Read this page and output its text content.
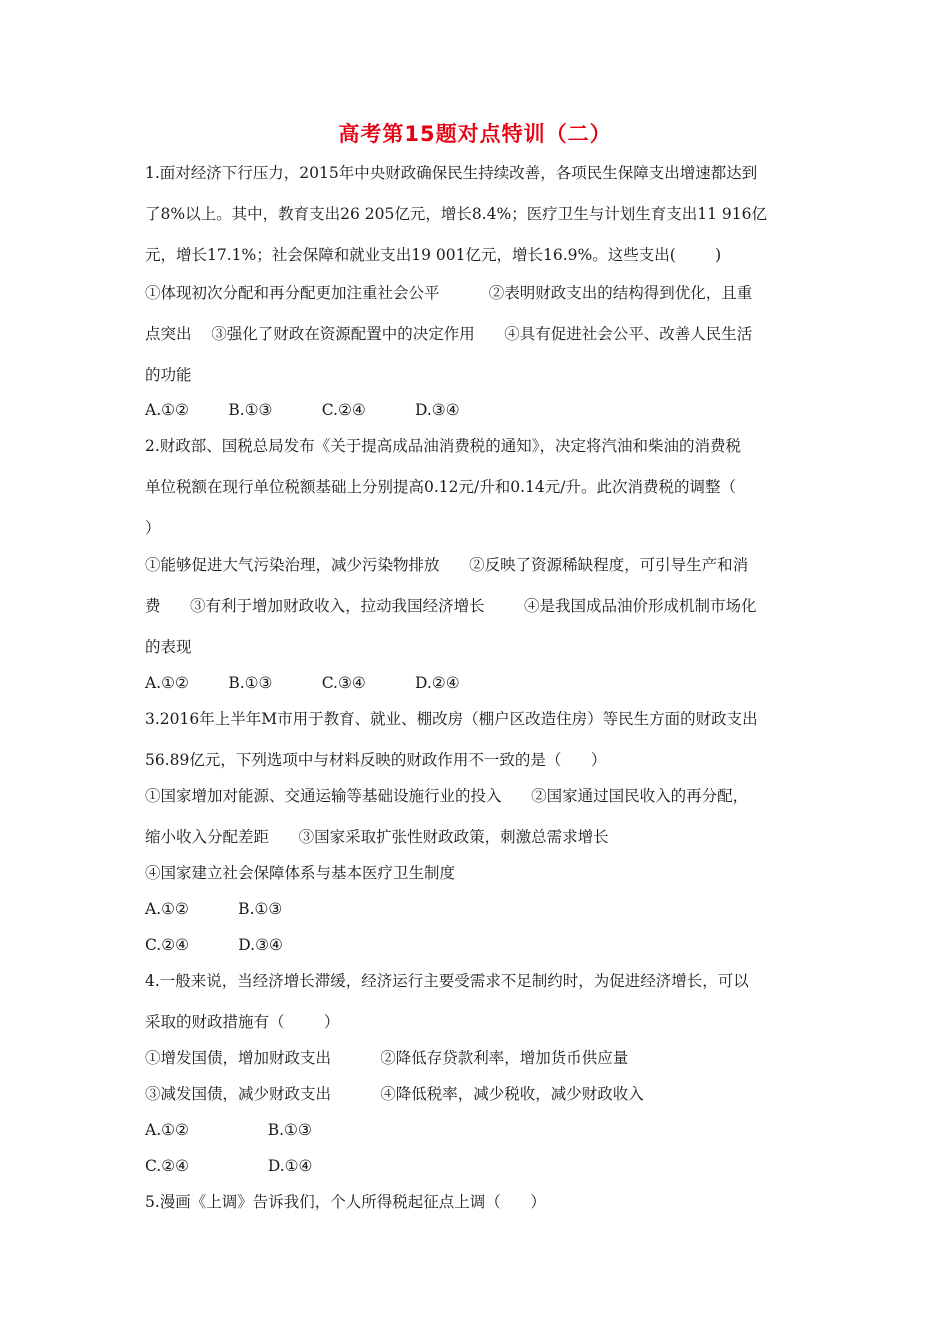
高考第15题对点特训（二）
1.面对经济下行压力，2015年中央财政确保民生持续改善，各项民生保障支出增速都达到
了8%以上。其中，教育支出26 205亿元，增长8.4%；医疗卫生与计划生育支出11 916亿
元，增长17.1%；社会保障和就业支出19 001亿元，增长16.9%。这些支出(        )
①体现初次分配和再分配更加注重社会公平          ②表明财政支出的结构得到优化，且重
点突出    ③强化了财政在资源配置中的决定作用      ④具有促进社会公平、改善人民生活
的功能
A.①②        B.①③          C.②④          D.③④
2.财政部、国税总局发布《关于提高成品油消费税的通知》，决定将汽油和柴油的消费税
单位税额在现行单位税额基础上分别提高0.12元/升和0.14元/升。此次消费税的调整（
）
①能够促进大气污染治理，减少污染物排放      ②反映了资源稀缺程度，可引导生产和消
费      ③有利于增加财政收入，拉动我国经济增长        ④是我国成品油价形成机制市场化
的表现
A.①②        B.①③          C.③④          D.②④
3.2016年上半年M市用于教育、就业、棚改房（棚户区改造住房）等民生方面的财政支出
56.89亿元，下列选项中与材料反映的财政作用不一致的是（      ）
①国家增加对能源、交通运输等基础设施行业的投入      ②国家通过国民收入的再分配，
缩小收入分配差距      ③国家采取扩张性财政政策，刺激总需求增长
④国家建立社会保障体系与基本医疗卫生制度
A.①②          B.①③
C.②④          D.③④
4.一般来说，当经济增长滞缓，经济运行主要受需求不足制约时，为促进经济增长，可以
采取的财政措施有（        ）
①增发国债，增加财政支出          ②降低存贷款利率，增加货币供应量
③减发国债，减少财政支出          ④降低税率，减少税收，减少财政收入
A.①②                B.①③
C.②④                D.①④
5.漫画《上调》告诉我们，个人所得税起征点上调（      ）
